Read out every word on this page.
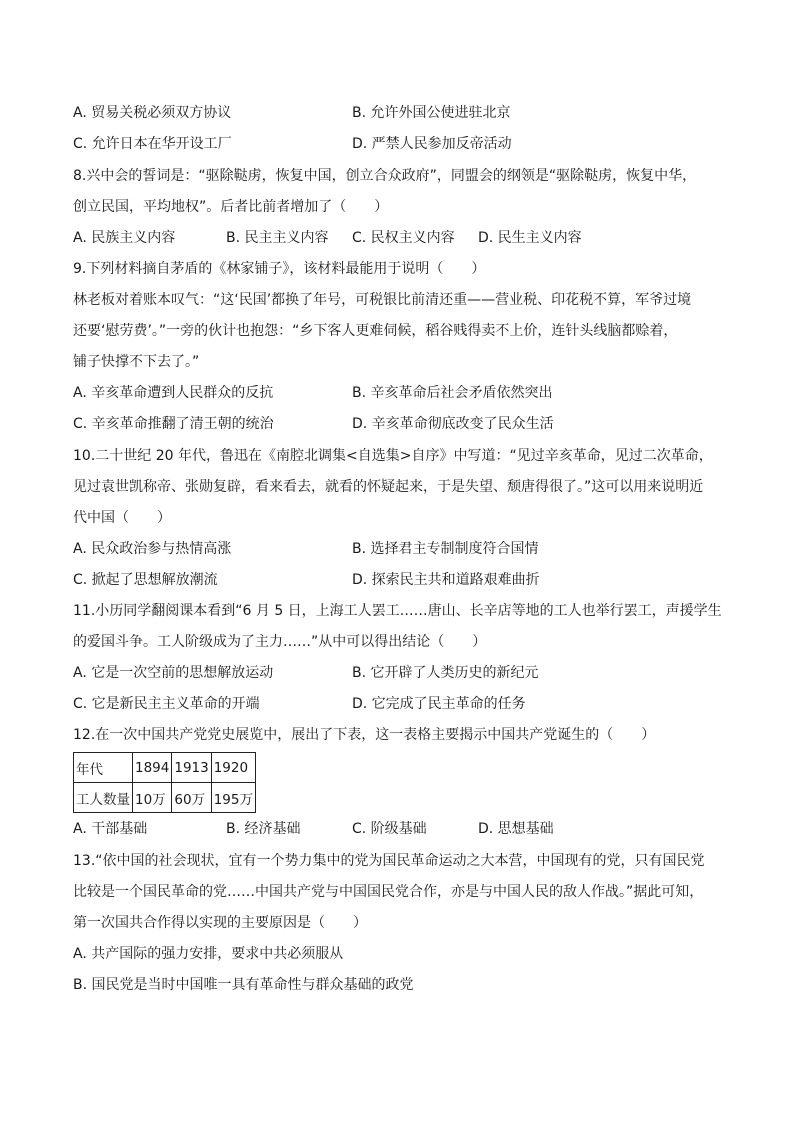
A. 贸易关税必须双方协议	B. 允许外国公使进驻北京
C. 允许日本在华开设工厂	D. 严禁人民参加反帝活动
8.兴中会的誓词是：“驱除鞑虏，恢复中国，创立合众政府”，同盟会的纲领是“驱除鞑虏，恢复中华，
创立民国，平均地权”。后者比前者增加了（　　）
A. 民族主义内容	B. 民主主义内容 C. 民权主义内容 D. 民生主义内容
9.下列材料摘自茅盾的《林家铺子》，该材料最能用于说明（　　）
林老板对着账本叹气：“这‘民国’都换了年号，可税银比前清还重——营业税、印花税不算，军爷过境
还要‘慰劳费’。”一旁的伙计也抱怨：“乡下客人更难伺候，稻谷贱得卖不上价，连针头线脑都赊着，
铺子快撑不下去了。”
A. 辛亥革命遭到人民群众的反抗	B. 辛亥革命后社会矛盾依然突出
C. 辛亥革命推翻了清王朝的统治	D. 辛亥革命彻底改变了民众生活
10.二十世纪 20 年代，鲁迅在《南腔北调集<自选集>自序》中写道：“见过辛亥革命，见过二次革命，
见过袁世凯称帝、张勋复辟，看来看去，就看的怀疑起来，于是失望、颓唐得很了。”这可以用来说明近
代中国（　　）
A. 民众政治参与热情高涨	B. 选择君主专制制度符合国情
C. 掀起了思想解放潮流	D. 探索民主共和道路艰难曲折
11.小历同学翻阅课本看到“6 月 5 日，上海工人罢工……唐山、长辛店等地的工人也举行罢工，声援学生
的爱国斗争。工人阶级成为了主力……”从中可以得出结论（　　）
A. 它是一次空前的思想解放运动	B. 它开辟了人类历史的新纪元
C. 它是新民主主义革命的开端	D. 它完成了民主革命的任务
12.在一次中国共产党党史展览中，展出了下表，这一表格主要揭示中国共产党诞生的（　　）
年代	1894	1913	1920
工人数量	10万	60万	195万
A. 干部基础	B. 经济基础	C. 阶级基础	D. 思想基础
13.“依中国的社会现状，宜有一个势力集中的党为国民革命运动之大本营，中国现有的党，只有国民党
比较是一个国民革命的党……中国共产党与中国国民党合作，亦是与中国人民的敌人作战。”据此可知，
第一次国共合作得以实现的主要原因是（　　）
A. 共产国际的强力安排，要求中共必须服从
B. 国民党是当时中国唯一具有革命性与群众基础的政党
